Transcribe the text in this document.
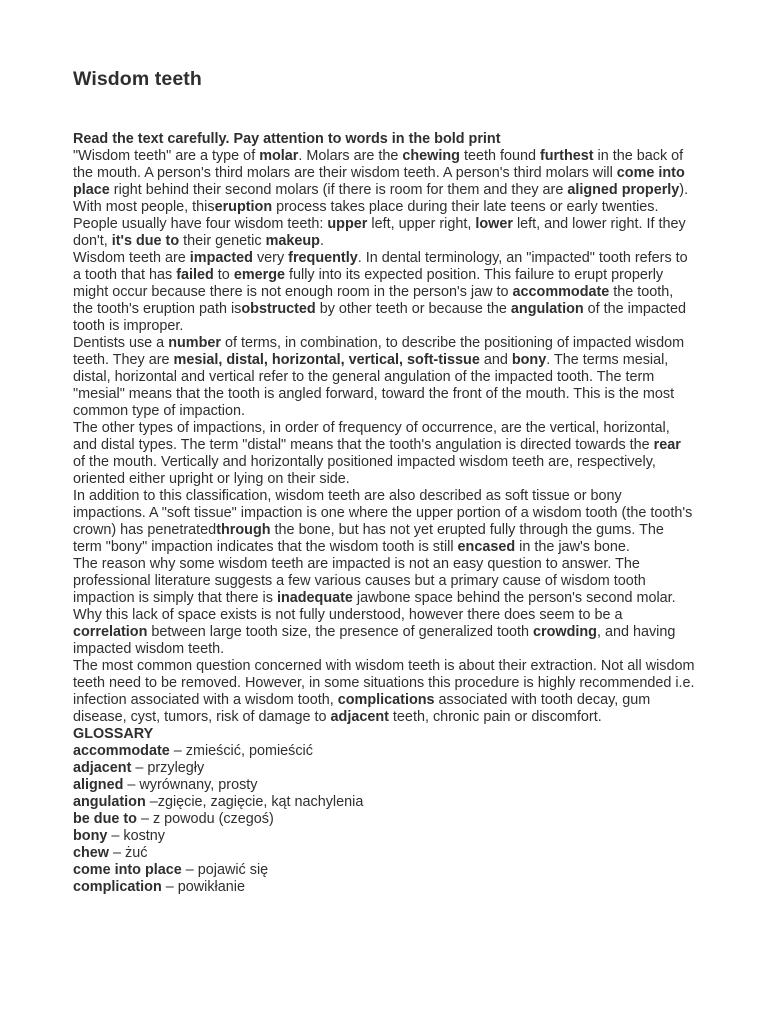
Wisdom teeth

Read the text carefully. Pay attention to words in the bold print

"Wisdom teeth" are a type of molar. Molars are the chewing teeth found furthest in the back of the mouth. A person's third molars are their wisdom teeth. A person's third molars will come into place right behind their second molars (if there is room for them and they are aligned properly). With most people, thiseruption process takes place during their late teens or early twenties.

People usually have four wisdom teeth: upper left, upper right, lower left, and lower right. If they don't, it's due to their genetic makeup.

Wisdom teeth are impacted very frequently. In dental terminology, an "impacted" tooth refers to a tooth that has failed to emerge fully into its expected position. This failure to erupt properly might occur because there is not enough room in the person's jaw to accommodate the tooth, the tooth's eruption path isobstructed by other teeth or because the angulation of the impacted tooth is improper.

Dentists use a number of terms, in combination, to describe the positioning of impacted wisdom teeth. They are mesial, distal, horizontal, vertical, soft-tissue and bony. The terms mesial, distal, horizontal and vertical refer to the general angulation of the impacted tooth. The term "mesial" means that the tooth is angled forward, toward the front of the mouth. This is the most common type of impaction.

The other types of impactions, in order of frequency of occurrence, are the vertical, horizontal, and distal types. The term "distal" means that the tooth's angulation is directed towards the rear of the mouth. Vertically and horizontally positioned impacted wisdom teeth are, respectively, oriented either upright or lying on their side.

In addition to this classification, wisdom teeth are also described as soft tissue or bony impactions. A "soft tissue" impaction is one where the upper portion of a wisdom tooth (the tooth's crown) has penetratedthrough the bone, but has not yet erupted fully through the gums. The term "bony" impaction indicates that the wisdom tooth is still encased in the jaw's bone.

The reason why some wisdom teeth are impacted is not an easy question to answer. The professional literature suggests a few various causes but a primary cause of wisdom tooth impaction is simply that there is inadequate jawbone space behind the person's second molar. Why this lack of space exists is not fully understood, however there does seem to be a correlation between large tooth size, the presence of generalized tooth crowding, and having impacted wisdom teeth.

The most common question concerned with wisdom teeth is about their extraction. Not all wisdom teeth need to be removed. However, in some situations this procedure is highly recommended i.e. infection associated with a wisdom tooth, complications associated with tooth decay, gum disease, cyst, tumors, risk of damage to adjacent teeth, chronic pain or discomfort.

GLOSSARY

accommodate – zmieścić, pomieścić

adjacent – przyległy

aligned – wyrównany, prosty

angulation –zgięcie, zagięcie, kąt nachylenia

be due to – z powodu (czegoś)

bony – kostny

chew – żuć

come into place – pojawić się

complication – powikłanie
